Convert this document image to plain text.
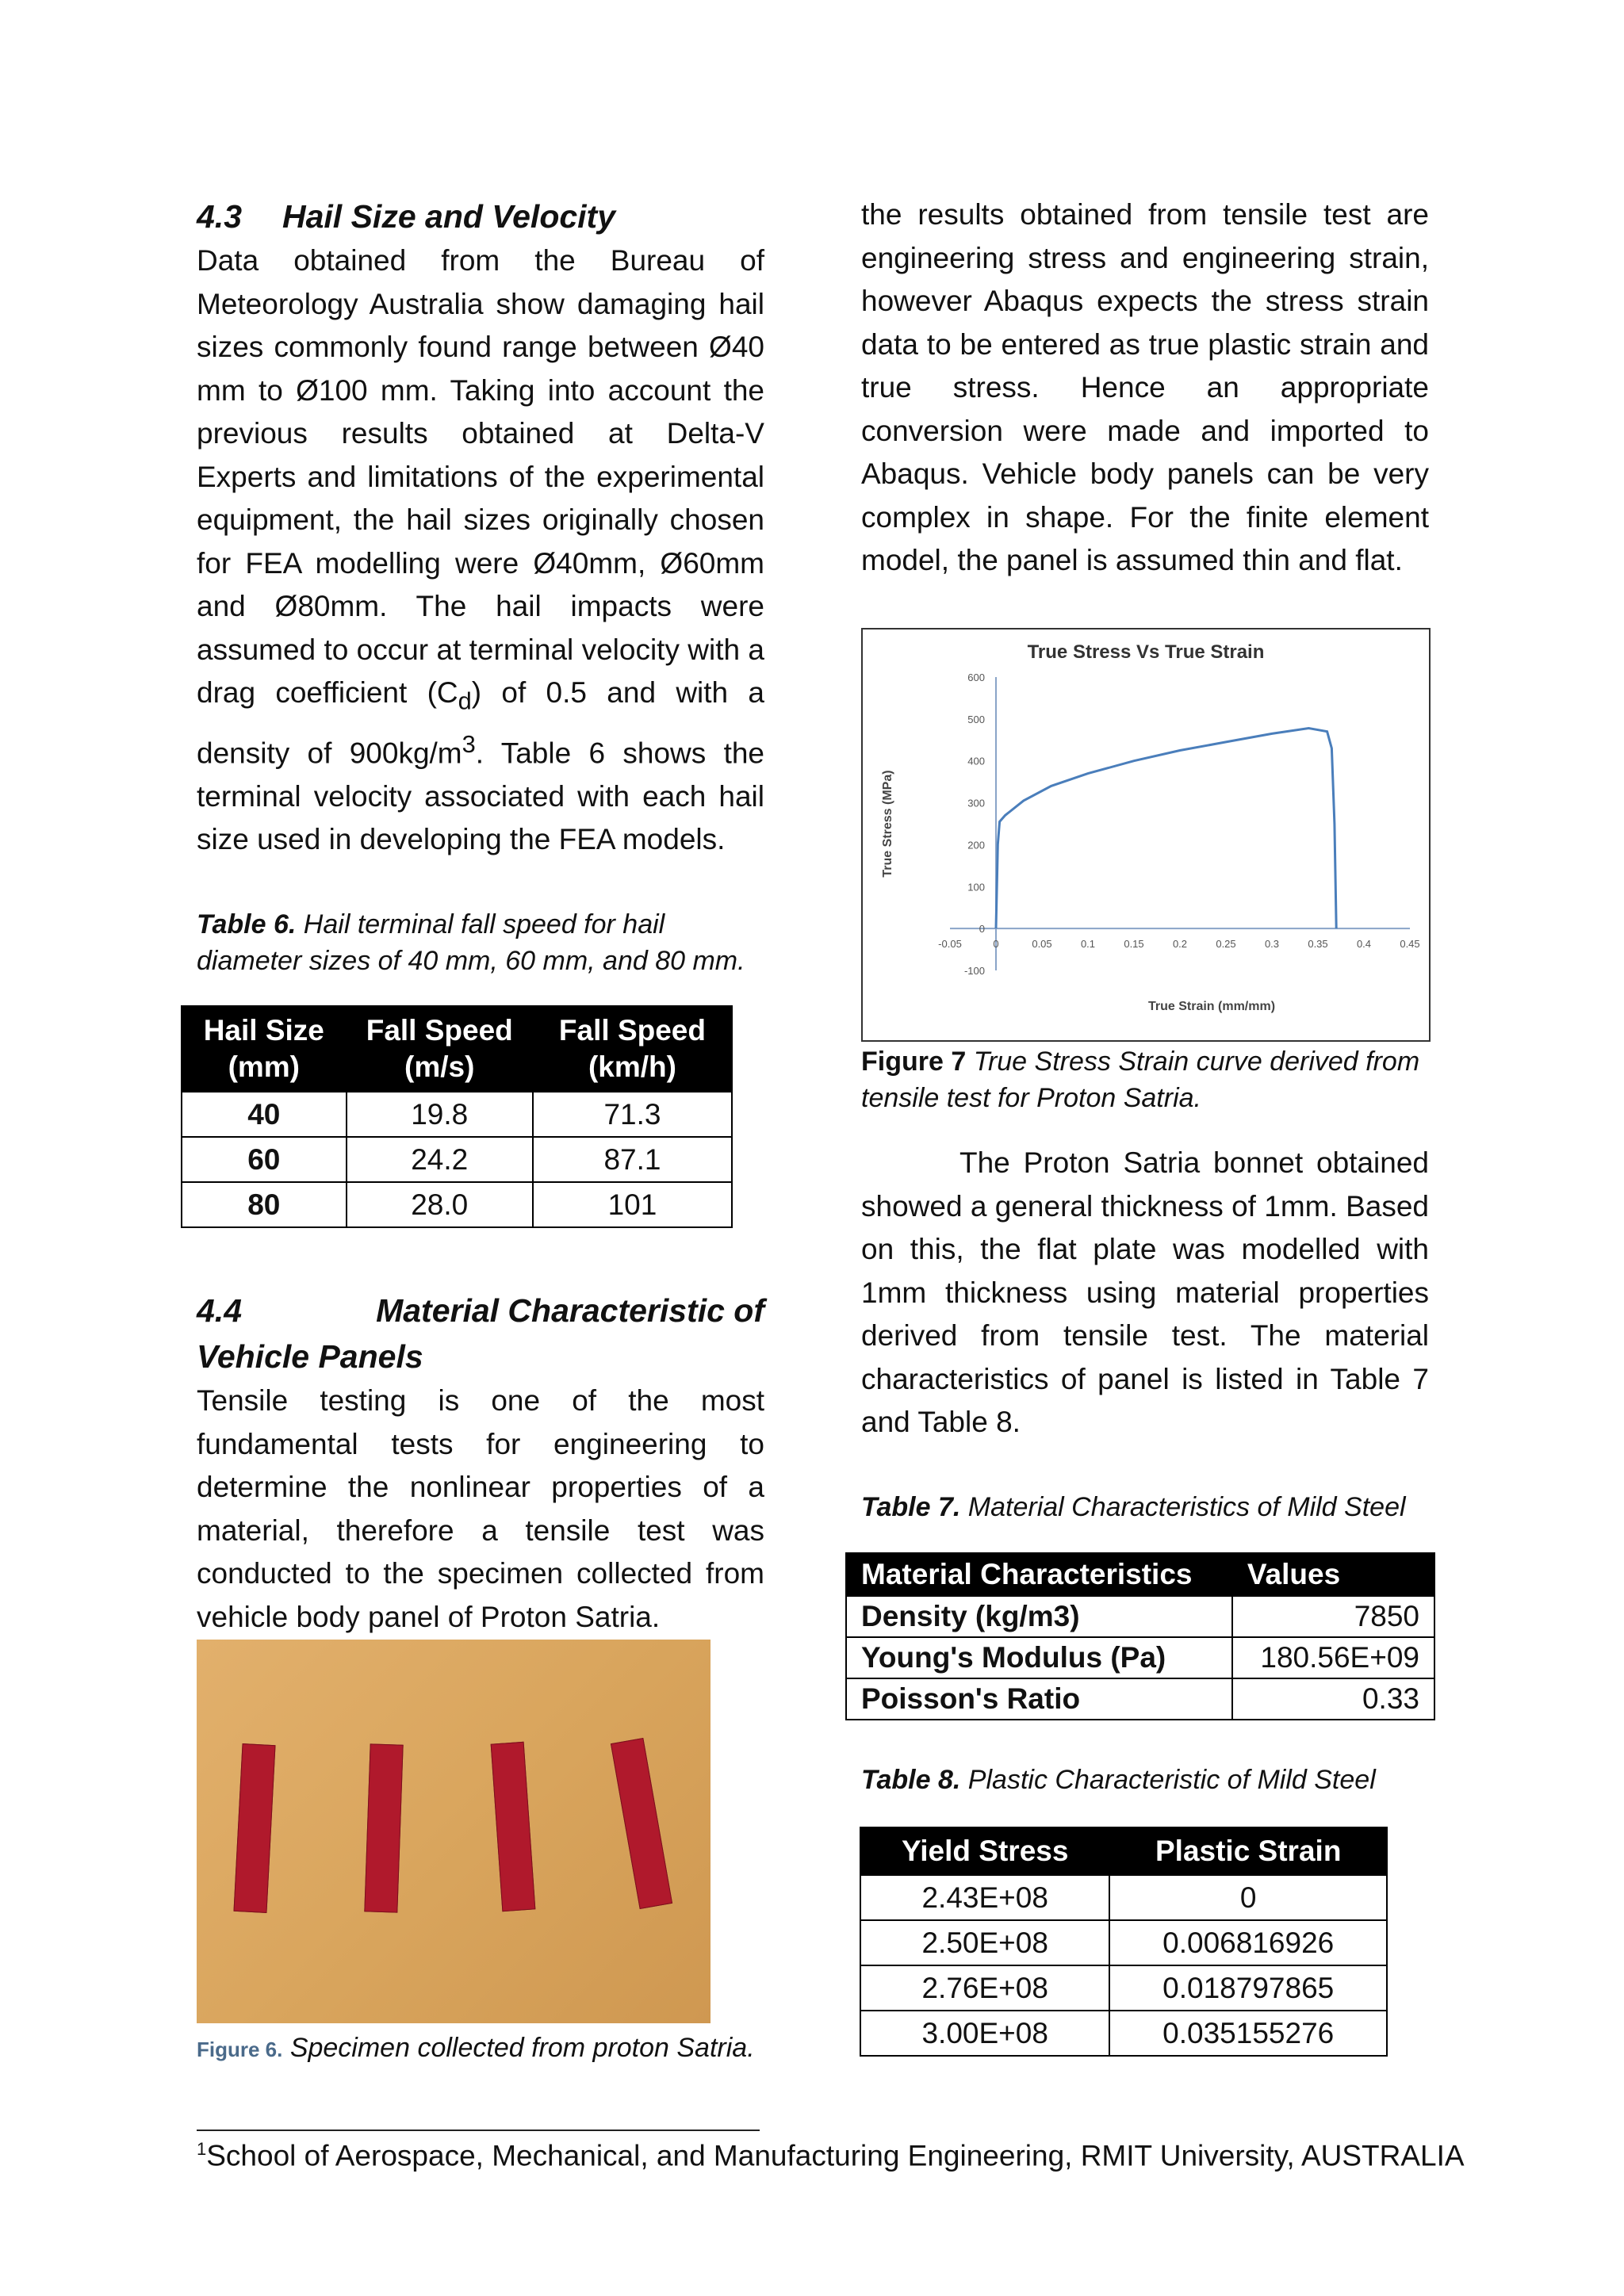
4.3 Hail Size and Velocity

Data obtained from the Bureau of Meteorology Australia show damaging hail sizes commonly found range between Ø40 mm to Ø100 mm. Taking into account the previous results obtained at Delta-V Experts and limitations of the experimental equipment, the hail sizes originally chosen for FEA modelling were Ø40mm, Ø60mm and Ø80mm. The hail impacts were assumed to occur at terminal velocity with a drag coefficient $(C_d)$ of 0.5 and with a density of $900kg/m^3$. Table 6 shows the terminal velocity associated with each hail size used in developing the FEA models.

Table 6. Hail terminal fall speed for hail diameter sizes of 40 mm, 60 mm, and 80 mm.

Hail Size (mm)	Fall Speed (m/s)	Fall Speed (km/h)
40	19.8	71.3
60	24.2	87.1
80	28.0	101
4.4	Material Characteristic of
Vehicle Panels

Tensile testing is one of the most fundamental tests for engineering to determine the nonlinear properties of a material, therefore a tensile test was conducted to the specimen collected from vehicle body panel of Proton Satria.

Figure 6. Specimen collected from proton Satria.

the results obtained from tensile test are engineering stress and engineering strain, however Abaqus expects the stress strain data to be entered as true plastic strain and true stress. Hence an appropriate conversion were made and imported to Abaqus. Vehicle body panels can be very complex in shape. For the finite element model, the panel is assumed thin and flat.

True Stress Vs True Strain
-100
0
100
200
300
400
500
600
-0.05	0	0.05	0.1	0.15	0.2	0.25	0.3	0.35	0.4	0.45
True Strain (mm/mm)
True Stress (MPa)

Figure 7 True Stress Strain curve derived from tensile test for Proton Satria.

The Proton Satria bonnet obtained showed a general thickness of 1mm. Based on this, the flat plate was modelled with 1mm thickness using material properties derived from tensile test. The material characteristics of panel is listed in Table 7 and Table 8.

Table 7. Material Characteristics of Mild Steel

Material Characteristics	Values
Density (kg/m3)	7850
Young's Modulus (Pa)	180.56E+09
Poisson's Ratio	0.33

Table 8. Plastic Characteristic of Mild Steel

Yield Stress	Plastic Strain
2.43E+08	0
2.50E+08	0.006816926
2.76E+08	0.018797865
3.00E+08	0.035155276
$^1$School of Aerospace, Mechanical, and Manufacturing Engineering, RMIT University, AUSTRALIA
